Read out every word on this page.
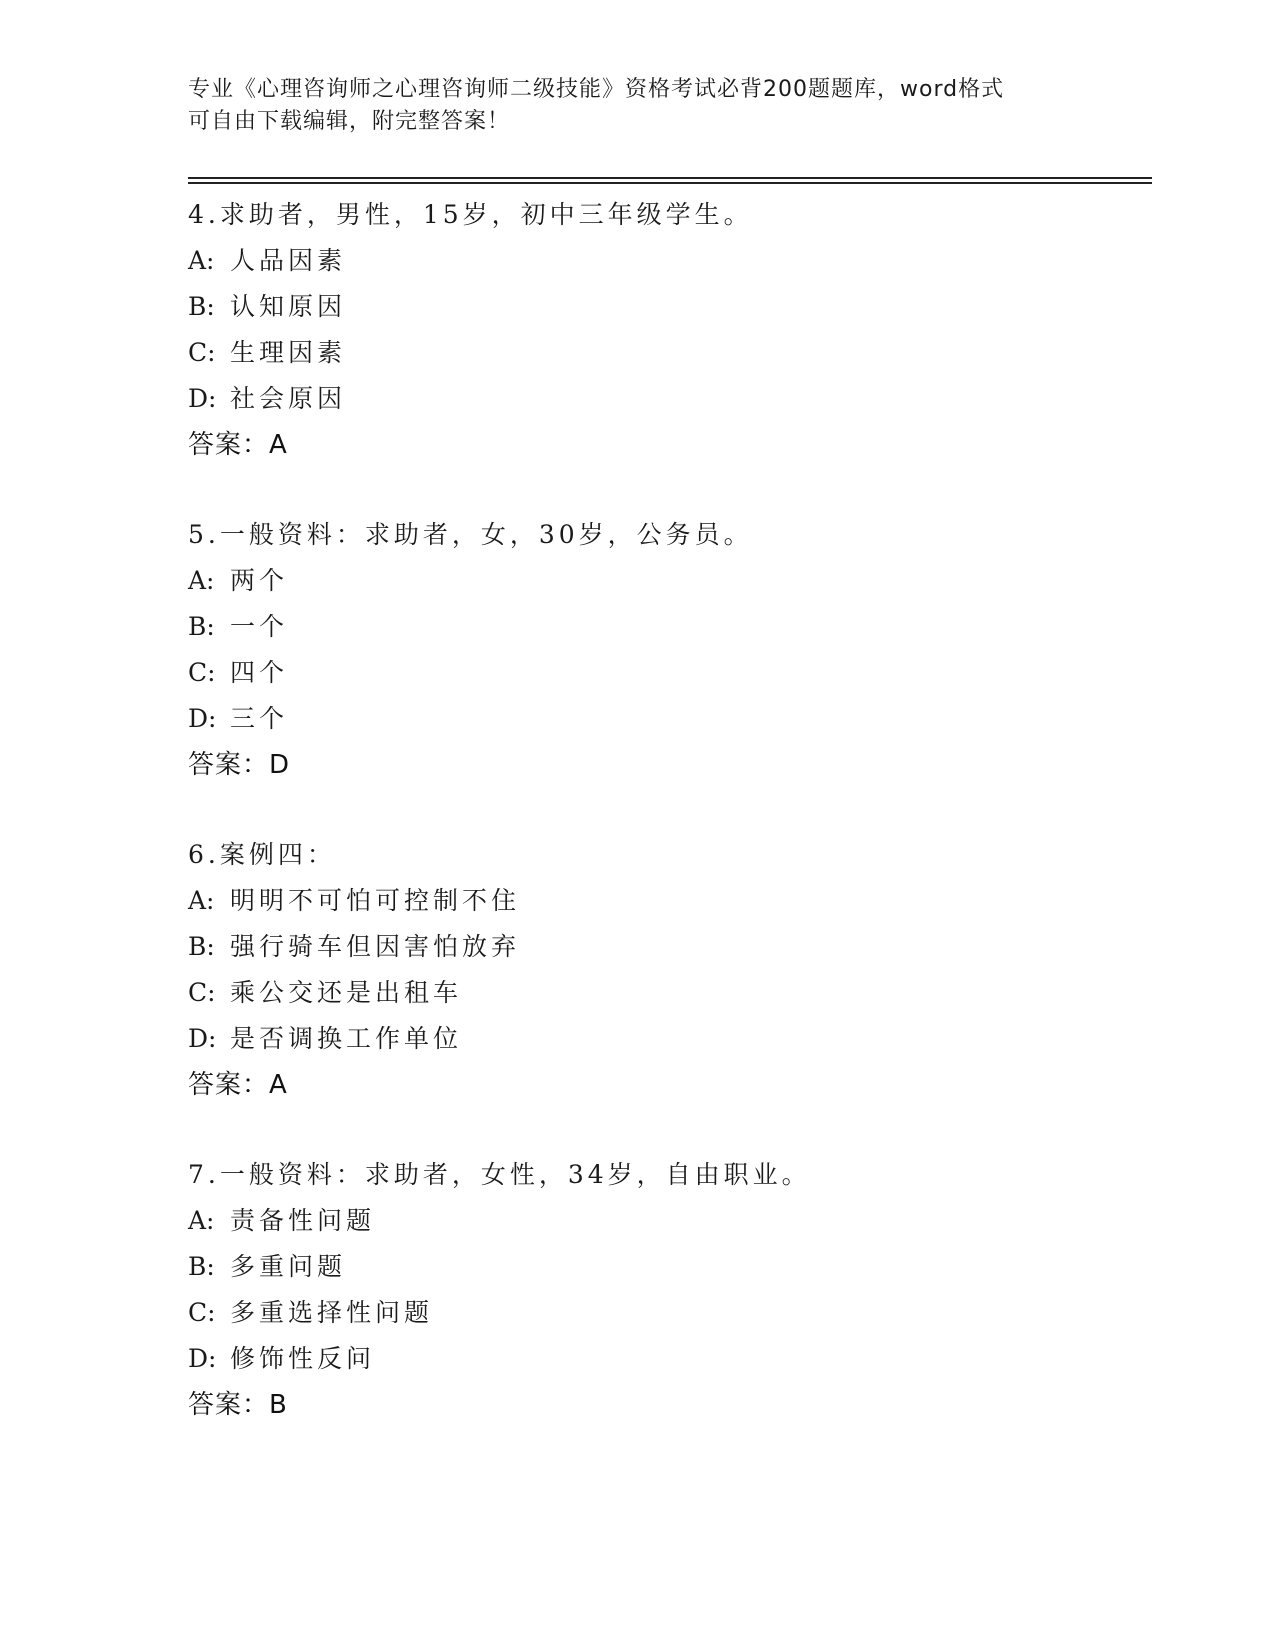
专业《心理咨询师之心理咨询师二级技能》资格考试必背200题题库，word格式
可自由下载编辑，附完整答案！
4.求助者，男性，15岁，初中三年级学生。
A: 人品因素
B: 认知原因
C: 生理因素
D: 社会原因
答案：A
5.一般资料：求助者，女，30岁，公务员。
A: 两个
B: 一个
C: 四个
D: 三个
答案：D
6.案例四：
A: 明明不可怕可控制不住
B: 强行骑车但因害怕放弃
C: 乘公交还是出租车
D: 是否调换工作单位
答案：A
7.一般资料：求助者，女性，34岁，自由职业。
A: 责备性问题
B: 多重问题
C: 多重选择性问题
D: 修饰性反问
答案：B
